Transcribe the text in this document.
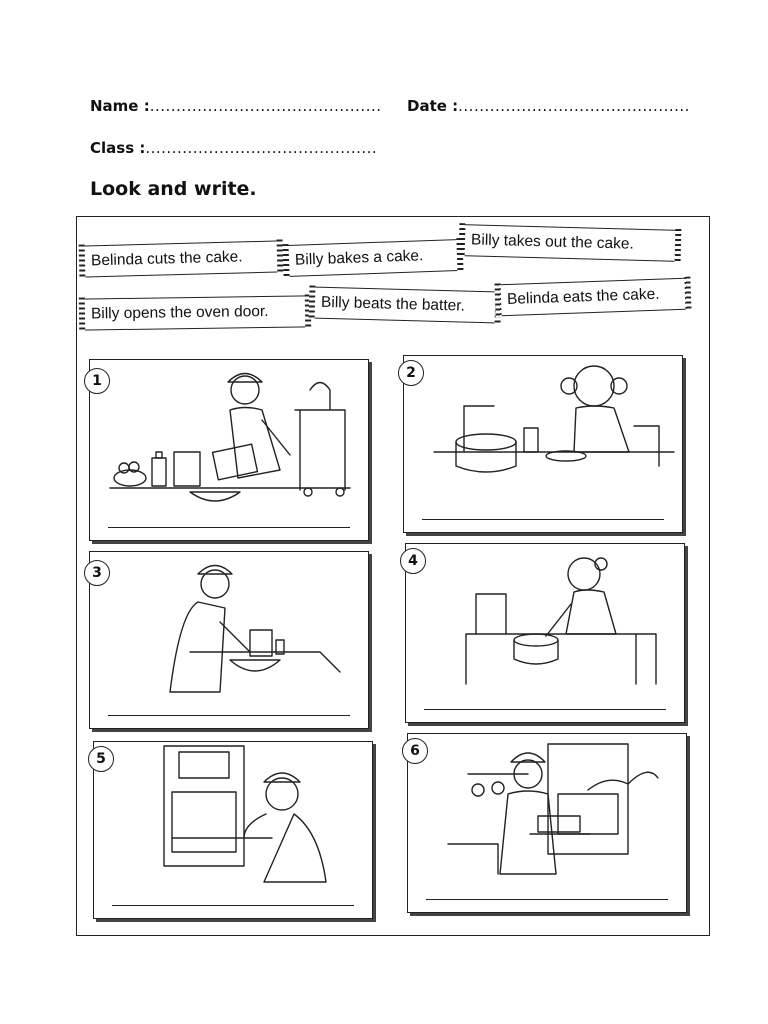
Name :............................................ Date :............................................
Class :............................................
Look and write.
Belinda cuts the cake.	Billy bakes a cake.
Billy takes out the cake.
Billy opens the oven door.	Billy beats the batter.	Belinda eats the cake.
1	2
3
4
5	6
